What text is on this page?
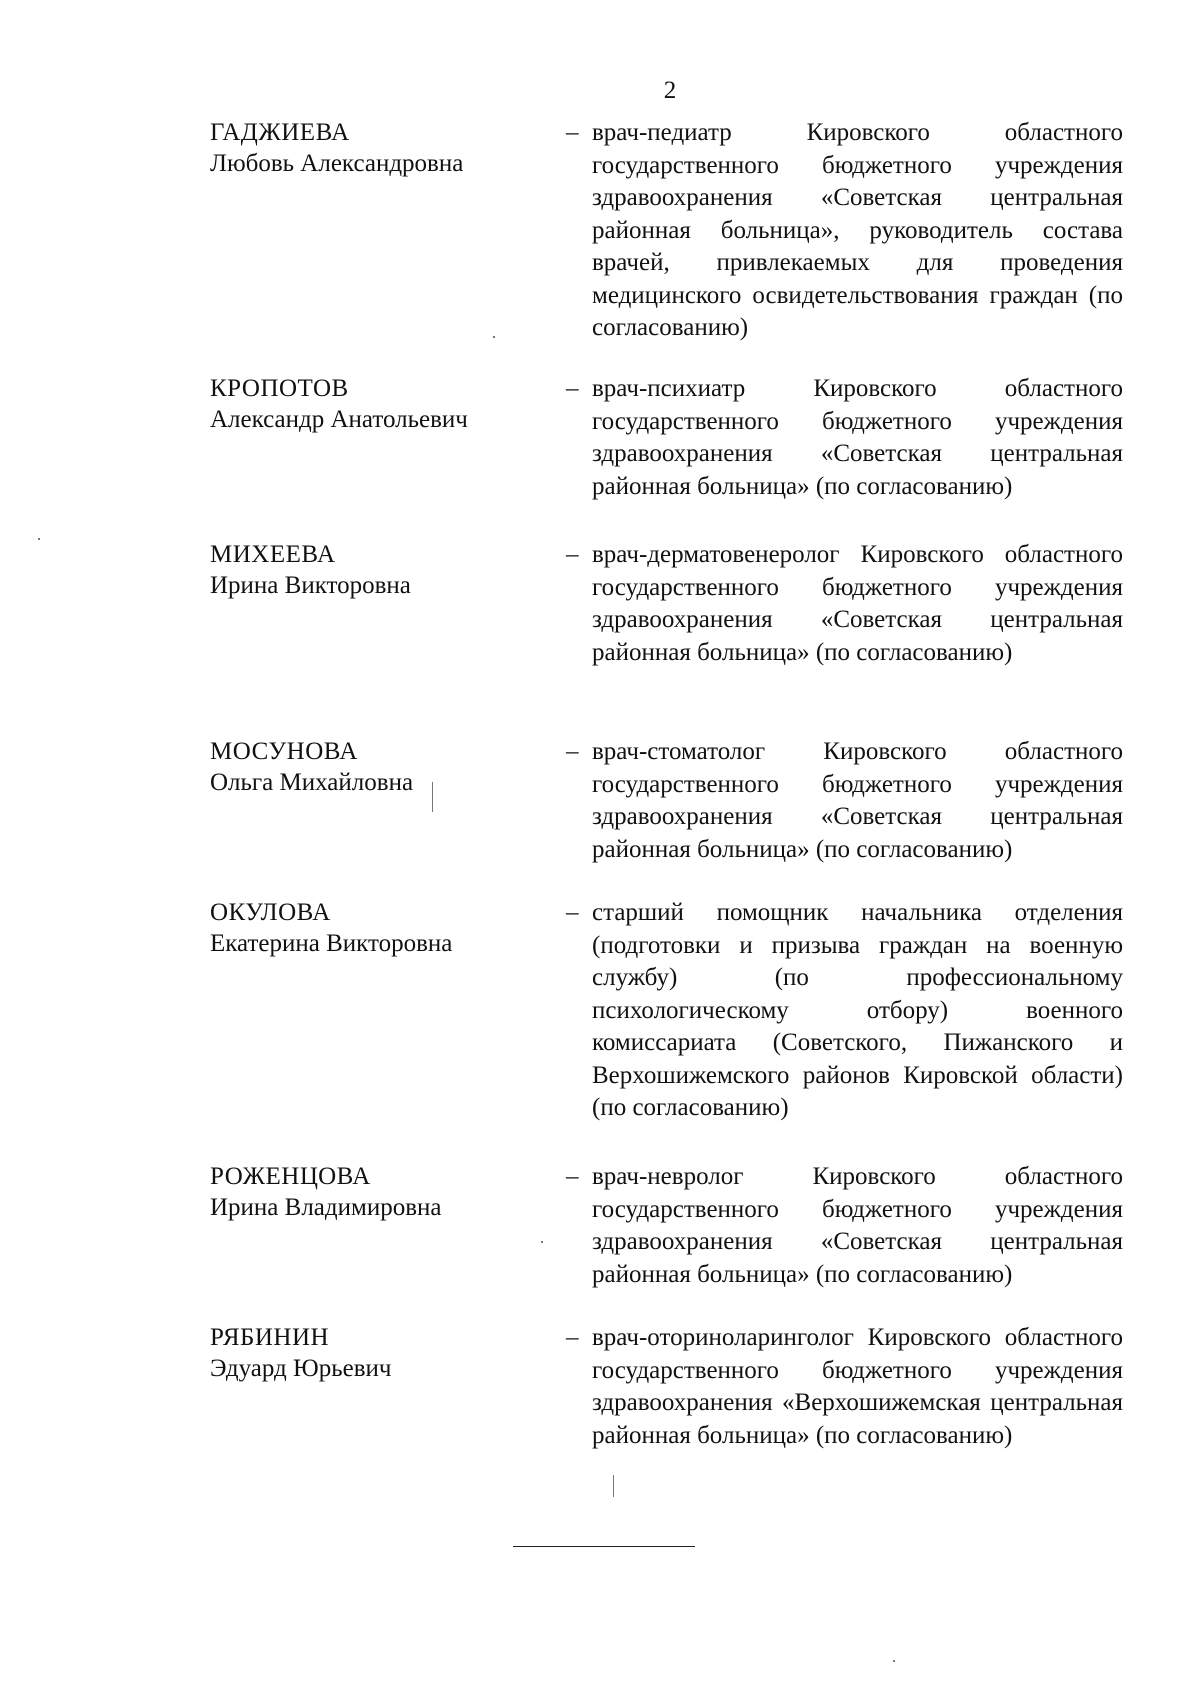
2
ГАДЖИЕВА
Любовь Александровна
– врач-педиатр Кировского областного государственного бюджетного учреждения здравоохранения «Советская центральная районная больница», руководитель состава врачей, привлекаемых для проведения медицинского освидетельствования граждан (по согласованию)
КРОПОТОВ
Александр Анатольевич
– врач-психиатр Кировского областного государственного бюджетного учреждения здравоохранения «Советская центральная районная больница» (по согласованию)
МИХЕЕВА
Ирина Викторовна
– врач-дерматовенеролог Кировского областного государственного бюджетного учреждения здравоохранения «Советская центральная районная больница» (по согласованию)
МОСУНОВА
Ольга Михайловна
– врач-стоматолог Кировского областного государственного бюджетного учреждения здравоохранения «Советская центральная районная больница» (по согласованию)
ОКУЛОВА
Екатерина Викторовна
– старший помощник начальника отделения (подготовки и призыва граждан на военную службу) (по профессиональному психологическому отбору) военного комиссариата (Советского, Пижанского и Верхошижемского районов Кировской области) (по согласованию)
РОЖЕНЦОВА
Ирина Владимировна
– врач-невролог Кировского областного государственного бюджетного учреждения здравоохранения «Советская центральная районная больница» (по согласованию)
РЯБИНИН
Эдуард Юрьевич
– врач-оториноларинголог Кировского областного государственного бюджетного учреждения здравоохранения «Верхошижемская центральная районная больница» (по согласованию)
